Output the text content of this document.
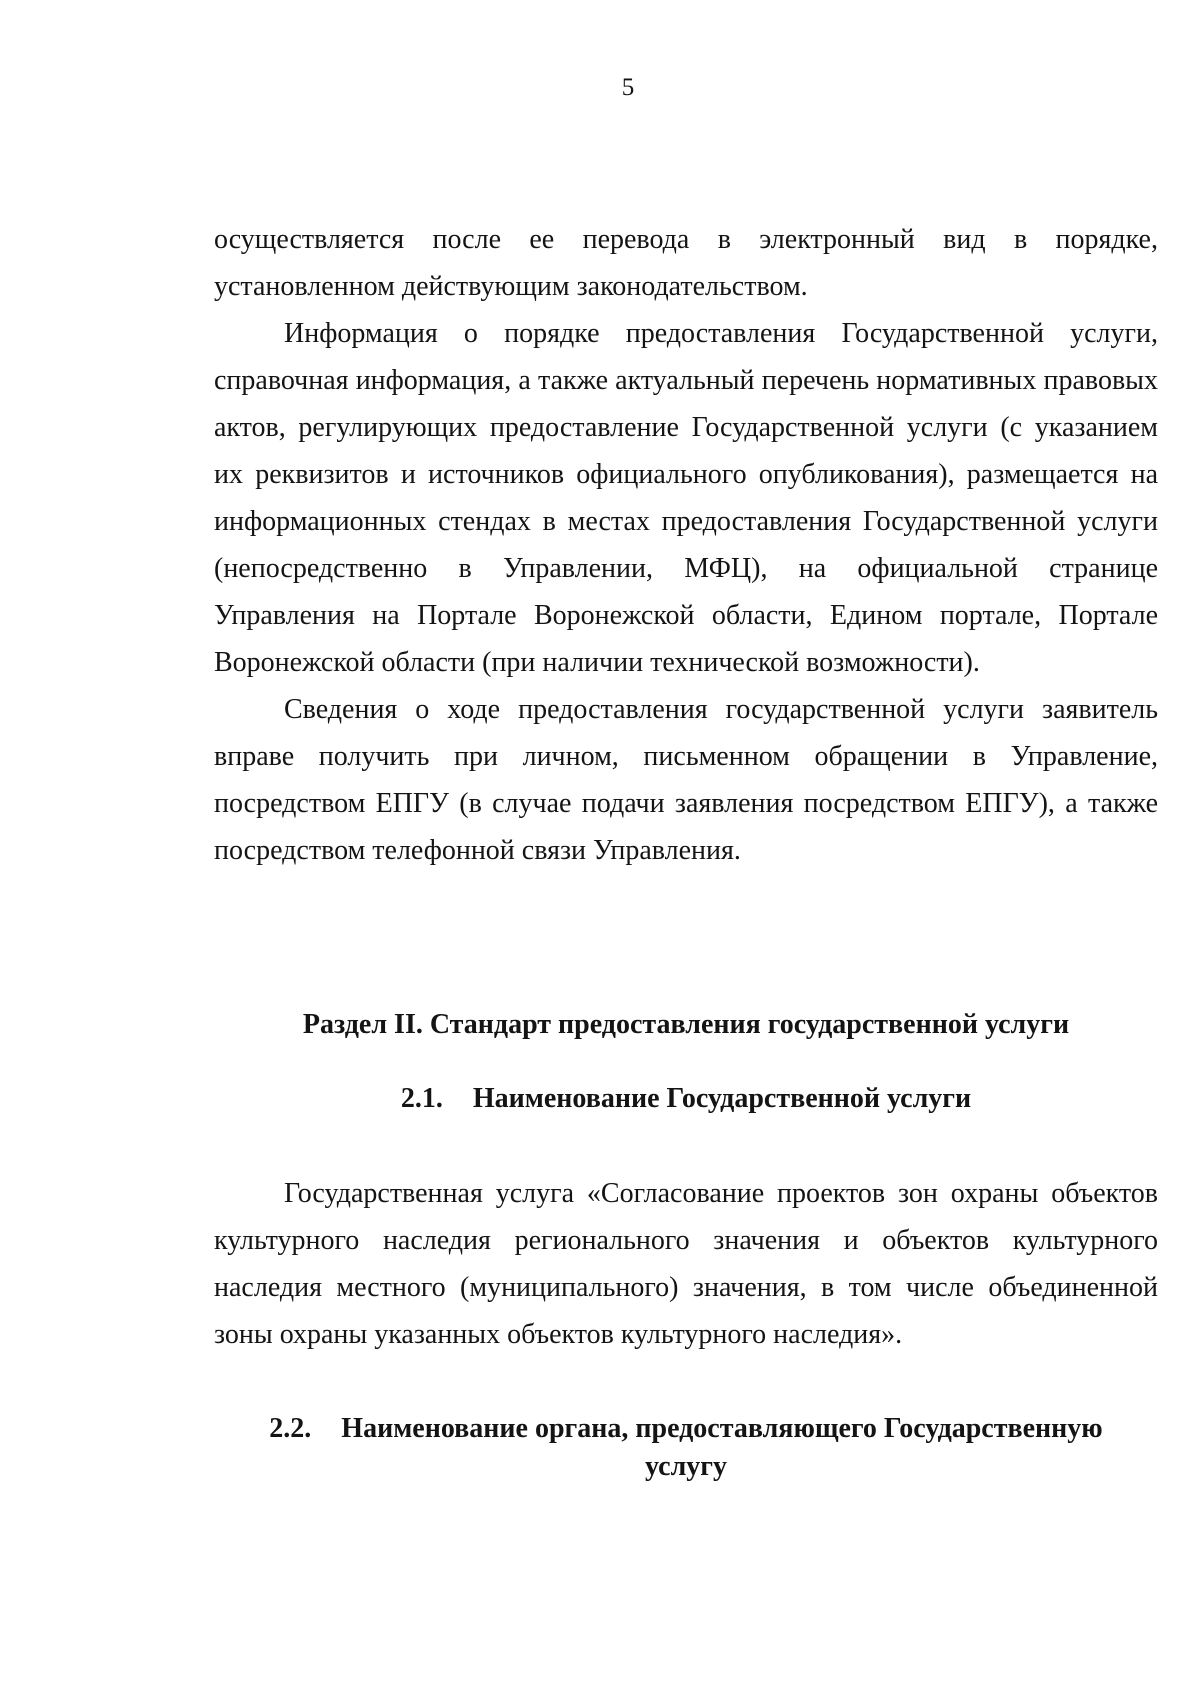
5

осуществляется после ее перевода в электронный вид в порядке, установленном действующим законодательством.

Информация о порядке предоставления Государственной услуги, справочная информация, а также актуальный перечень нормативных правовых актов, регулирующих предоставление Государственной услуги (с указанием их реквизитов и источников официального опубликования), размещается на информационных стендах в местах предоставления Государственной услуги (непосредственно в Управлении, МФЦ), на официальной странице Управления на Портале Воронежской области, Едином портале, Портале Воронежской области (при наличии технической возможности).

Сведения о ходе предоставления государственной услуги заявитель вправе получить при личном, письменном обращении в Управление, посредством ЕПГУ (в случае подачи заявления посредством ЕПГУ), а также посредством телефонной связи Управления.

Раздел II. Стандарт предоставления государственной услуги
2.1. Наименование Государственной услуги

Государственная услуга «Согласование проектов зон охраны объектов культурного наследия регионального значения и объектов культурного наследия местного (муниципального) значения, в том числе объединенной зоны охраны указанных объектов культурного наследия».

2.2. Наименование органа, предоставляющего Государственную
услугу
